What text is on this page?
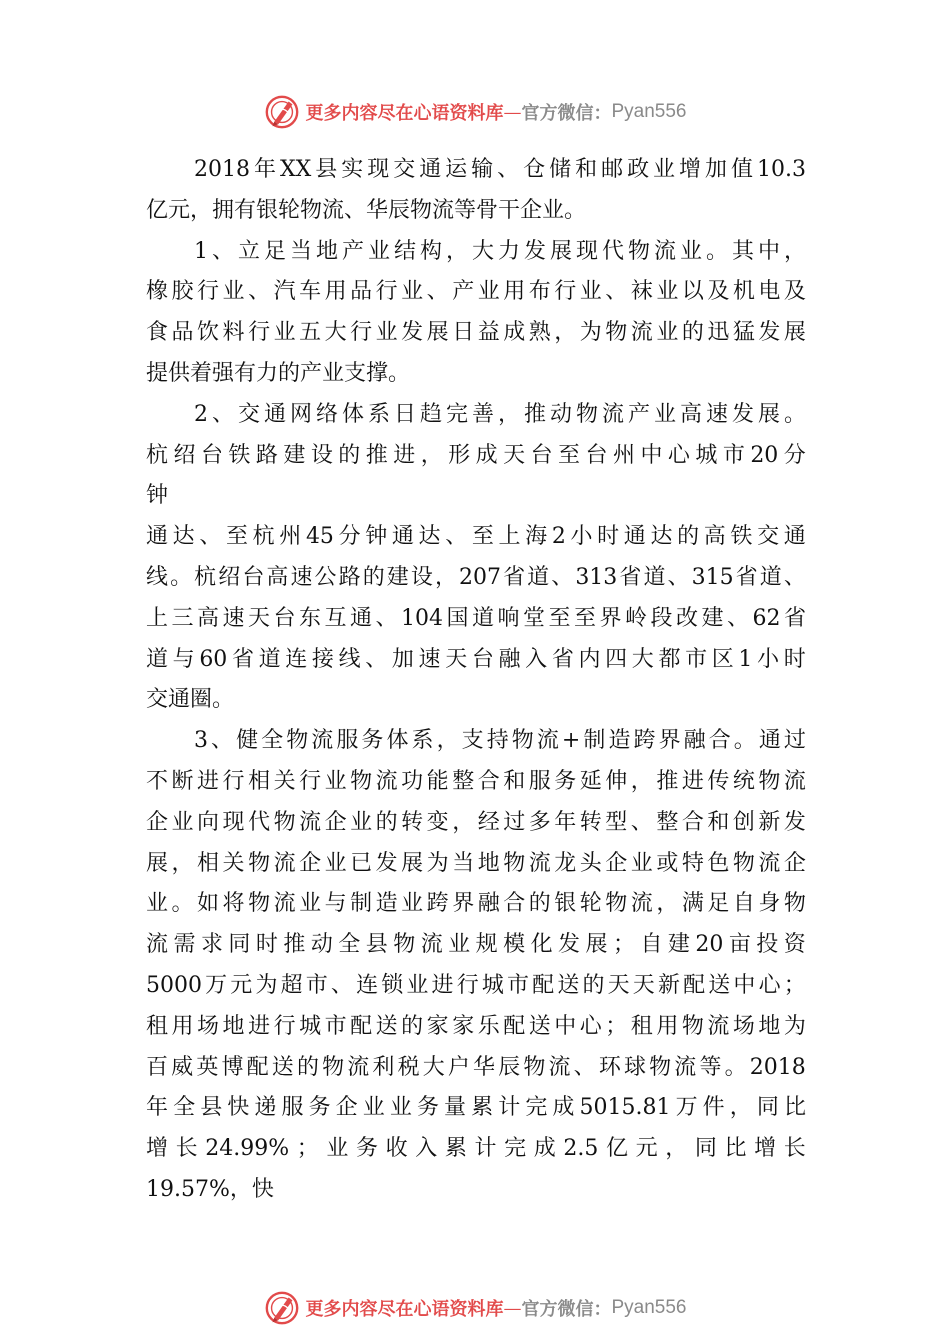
更多内容尽在心语资料库 — 官方微信： Pyan556
2018 年 XX 县 实 现 交 通 运 输 、 仓 储 和 邮 政 业 增 加 值 10.3
亿元，拥有银轮物流、华辰物流等骨干企业。
1 、 立 足 当 地 产 业 结 构 ， 大 力 发 展 现 代 物 流 业 。 其 中 ，
橡 胶 行 业 、 汽 车 用 品 行 业 、 产 业 用 布 行 业 、 袜 业 以 及 机 电 及
食 品 饮 料 行 业 五 大 行 业 发 展 日 益 成 熟 ， 为 物 流 业 的 迅 猛 发 展
提供着强有力的产业支撑。
2 、 交 通 网 络 体 系 日 趋 完 善 ， 推 动 物 流 产 业 高 速 发 展 。
杭 绍 台 铁 路 建 设 的 推 进 ， 形 成 天 台 至 台 州 中 心 城 市 20 分
钟
通 达 、 至 杭 州 45 分 钟 通 达 、 至 上 海 2 小 时 通 达 的 高 铁 交 通
线 。 杭 绍 台 高 速 公 路 的 建 设 ， 207 省 道 、 313 省 道 、 315 省 道 、
上 三 高 速 天 台 东 互 通 、 104 国 道 响 堂 至 至 界 岭 段 改 建 、 62 省
道 与 60 省 道 连 接 线 、 加 速 天 台 融 入 省 内 四 大 都 市 区 1 小 时
交通圈。
3 、 健 全 物 流 服 务 体 系 ， 支 持 物 流 + 制 造 跨 界 融 合 。 通 过
不 断 进 行 相 关 行 业 物 流 功 能 整 合 和 服 务 延 伸 ， 推 进 传 统 物 流
企 业 向 现 代 物 流 企 业 的 转 变 ， 经 过 多 年 转 型 、 整 合 和 创 新 发
展 ， 相 关 物 流 企 业 已 发 展 为 当 地 物 流 龙 头 企 业 或 特 色 物 流 企
业 。 如 将 物 流 业 与 制 造 业 跨 界 融 合 的 银 轮 物 流 ， 满 足 自 身 物
流 需 求 同 时 推 动 全 县 物 流 业 规 模 化 发 展 ； 自 建 20 亩 投 资
5000 万 元 为 超 市 、 连 锁 业 进 行 城 市 配 送 的 天 天 新 配 送 中 心 ；
租 用 场 地 进 行 城 市 配 送 的 家 家 乐 配 送 中 心 ； 租 用 物 流 场 地 为
百 威 英 博 配 送 的 物 流 利 税 大 户 华 辰 物 流 、 环 球 物 流 等 。 2018
年 全 县 快 递 服 务 企 业 业 务 量 累 计 完 成 5015.81 万 件 ， 同 比
增 长 24.99% ； 业 务 收 入 累 计 完 成 2.5 亿 元 ， 同 比 增 长
19.57%，快
更多内容尽在心语资料库 — 官方微信： Pyan556
